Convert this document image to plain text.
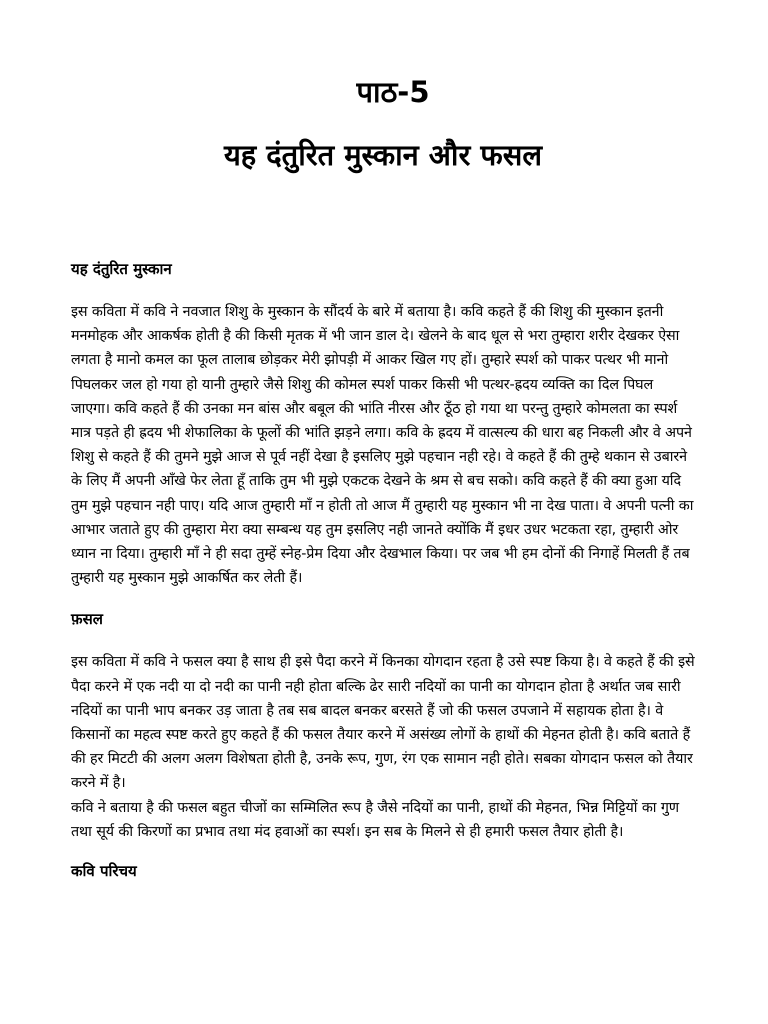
पाठ-5
यह दंतुरित मुस्कान और फसल
यह दंतुरित मुस्कान

इस कविता में कवि ने नवजात शिशु के मुस्कान के सौंदर्य के बारे में बताया है। कवि कहते हैं की शिशु की मुस्कान इतनी मनमोहक और आकर्षक होती है की किसी मृतक में भी जान डाल दे। खेलने के बाद धूल से भरा तुम्हारा शरीर देखकर ऐसा लगता है मानो कमल का फूल तालाब छोड़कर मेरी झोपड़ी में आकर खिल गए हों। तुम्हारे स्पर्श को पाकर पत्थर भी मानो पिघलकर जल हो गया हो यानी तुम्हारे जैसे शिशु की कोमल स्पर्श पाकर किसी भी पत्थर-ह्रदय व्यक्ति का दिल पिघल जाएगा। कवि कहते हैं की उनका मन बांस और बबूल की भांति नीरस और ठूँठ हो गया था परन्तु तुम्हारे कोमलता का स्पर्श मात्र पड़ते ही ह्रदय भी शेफालिका के फूलों की भांति झड़ने लगा। कवि के ह्रदय में वात्सल्य की धारा बह निकली और वे अपने शिशु से कहते हैं की तुमने मुझे आज से पूर्व नहीं देखा है इसलिए मुझे पहचान नही रहे। वे कहते हैं की तुम्हे थकान से उबारने के लिए मैं अपनी आँखे फेर लेता हूँ ताकि तुम भी मुझे एकटक देखने के श्रम से बच सको। कवि कहते हैं की क्या हुआ यदि तुम मुझे पहचान नही पाए। यदि आज तुम्हारी माँ न होती तो आज मैं तुम्हारी यह मुस्कान भी ना देख पाता। वे अपनी पत्नी का आभार जताते हुए की तुम्हारा मेरा क्या सम्बन्ध यह तुम इसलिए नही जानते क्योंकि मैं इधर उधर भटकता रहा, तुम्हारी ओर ध्यान ना दिया। तुम्हारी माँ ने ही सदा तुम्हें स्नेह-प्रेम दिया और देखभाल किया। पर जब भी हम दोनों की निगाहें मिलती हैं तब तुम्हारी यह मुस्कान मुझे आकर्षित कर लेती हैं।

फ़सल

इस कविता में कवि ने फसल क्या है साथ ही इसे पैदा करने में किनका योगदान रहता है उसे स्पष्ट किया है। वे कहते हैं की इसे पैदा करने में एक नदी या दो नदी का पानी नही होता बल्कि ढेर सारी नदियों का पानी का योगदान होता है अर्थात जब सारी नदियों का पानी भाप बनकर उड़ जाता है तब सब बादल बनकर बरसते हैं जो की फसल उपजाने में सहायक होता है। वे किसानों का महत्व स्पष्ट करते हुए कहते हैं की फसल तैयार करने में असंख्य लोगों के हाथों की मेहनत होती है। कवि बताते हैं की हर मिटटी की अलग अलग विशेषता होती है, उनके रूप, गुण, रंग एक सामान नही होते। सबका योगदान फसल को तैयार करने में है।

कवि ने बताया है की फसल बहुत चीजों का सम्मिलित रूप है जैसे नदियों का पानी, हाथों की मेहनत, भिन्न मिट्टियों का गुण तथा सूर्य की किरणों का प्रभाव तथा मंद हवाओं का स्पर्श। इन सब के मिलने से ही हमारी फसल तैयार होती है।

कवि परिचय
